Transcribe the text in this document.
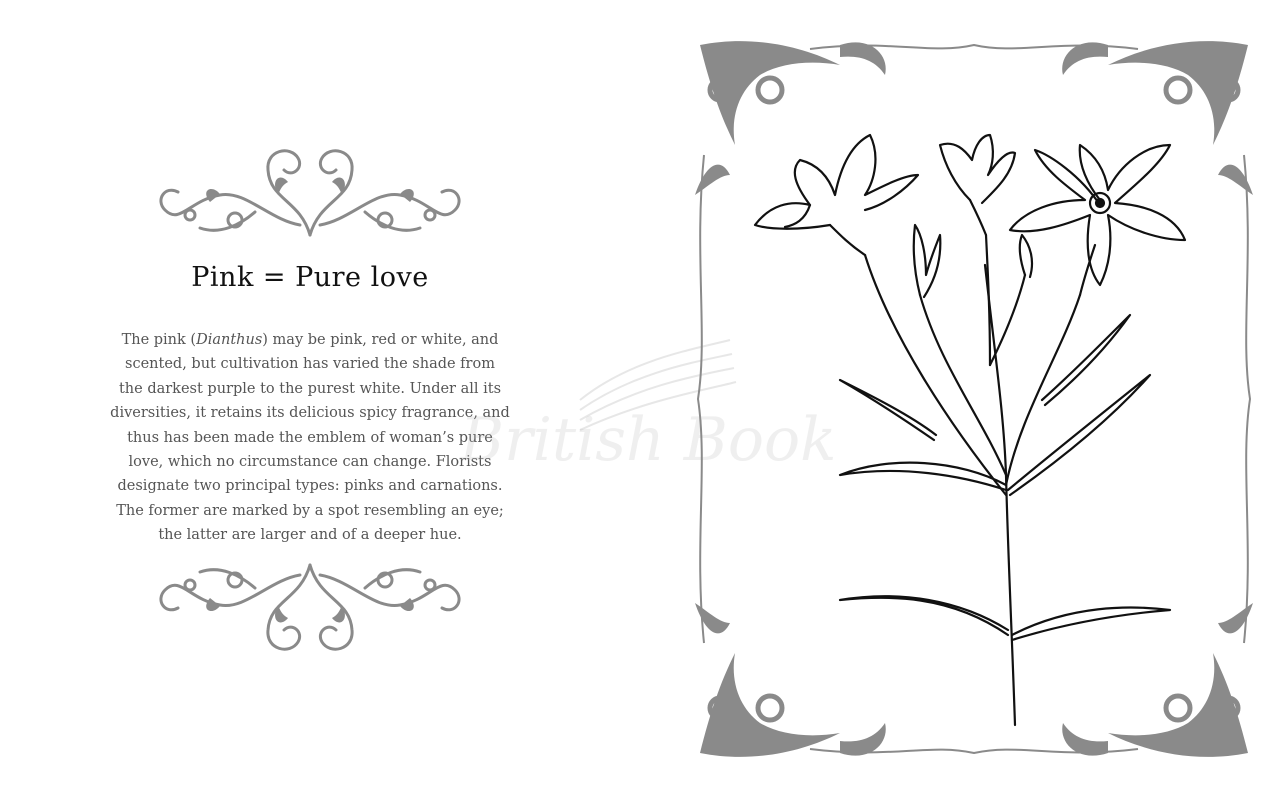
Pink = Pure love
The pink (Dianthus) may be pink, red or white, and
scented, but cultivation has varied the shade from
the darkest purple to the purest white. Under all its
diversities, it retains its delicious spicy fragrance, and
thus has been made the emblem of woman’s pure
love, which no circumstance can change. Florists
designate two principal types: pinks and carnations.
The former are marked by a spot resembling an eye;
the latter are larger and of a deeper hue.
British Book
